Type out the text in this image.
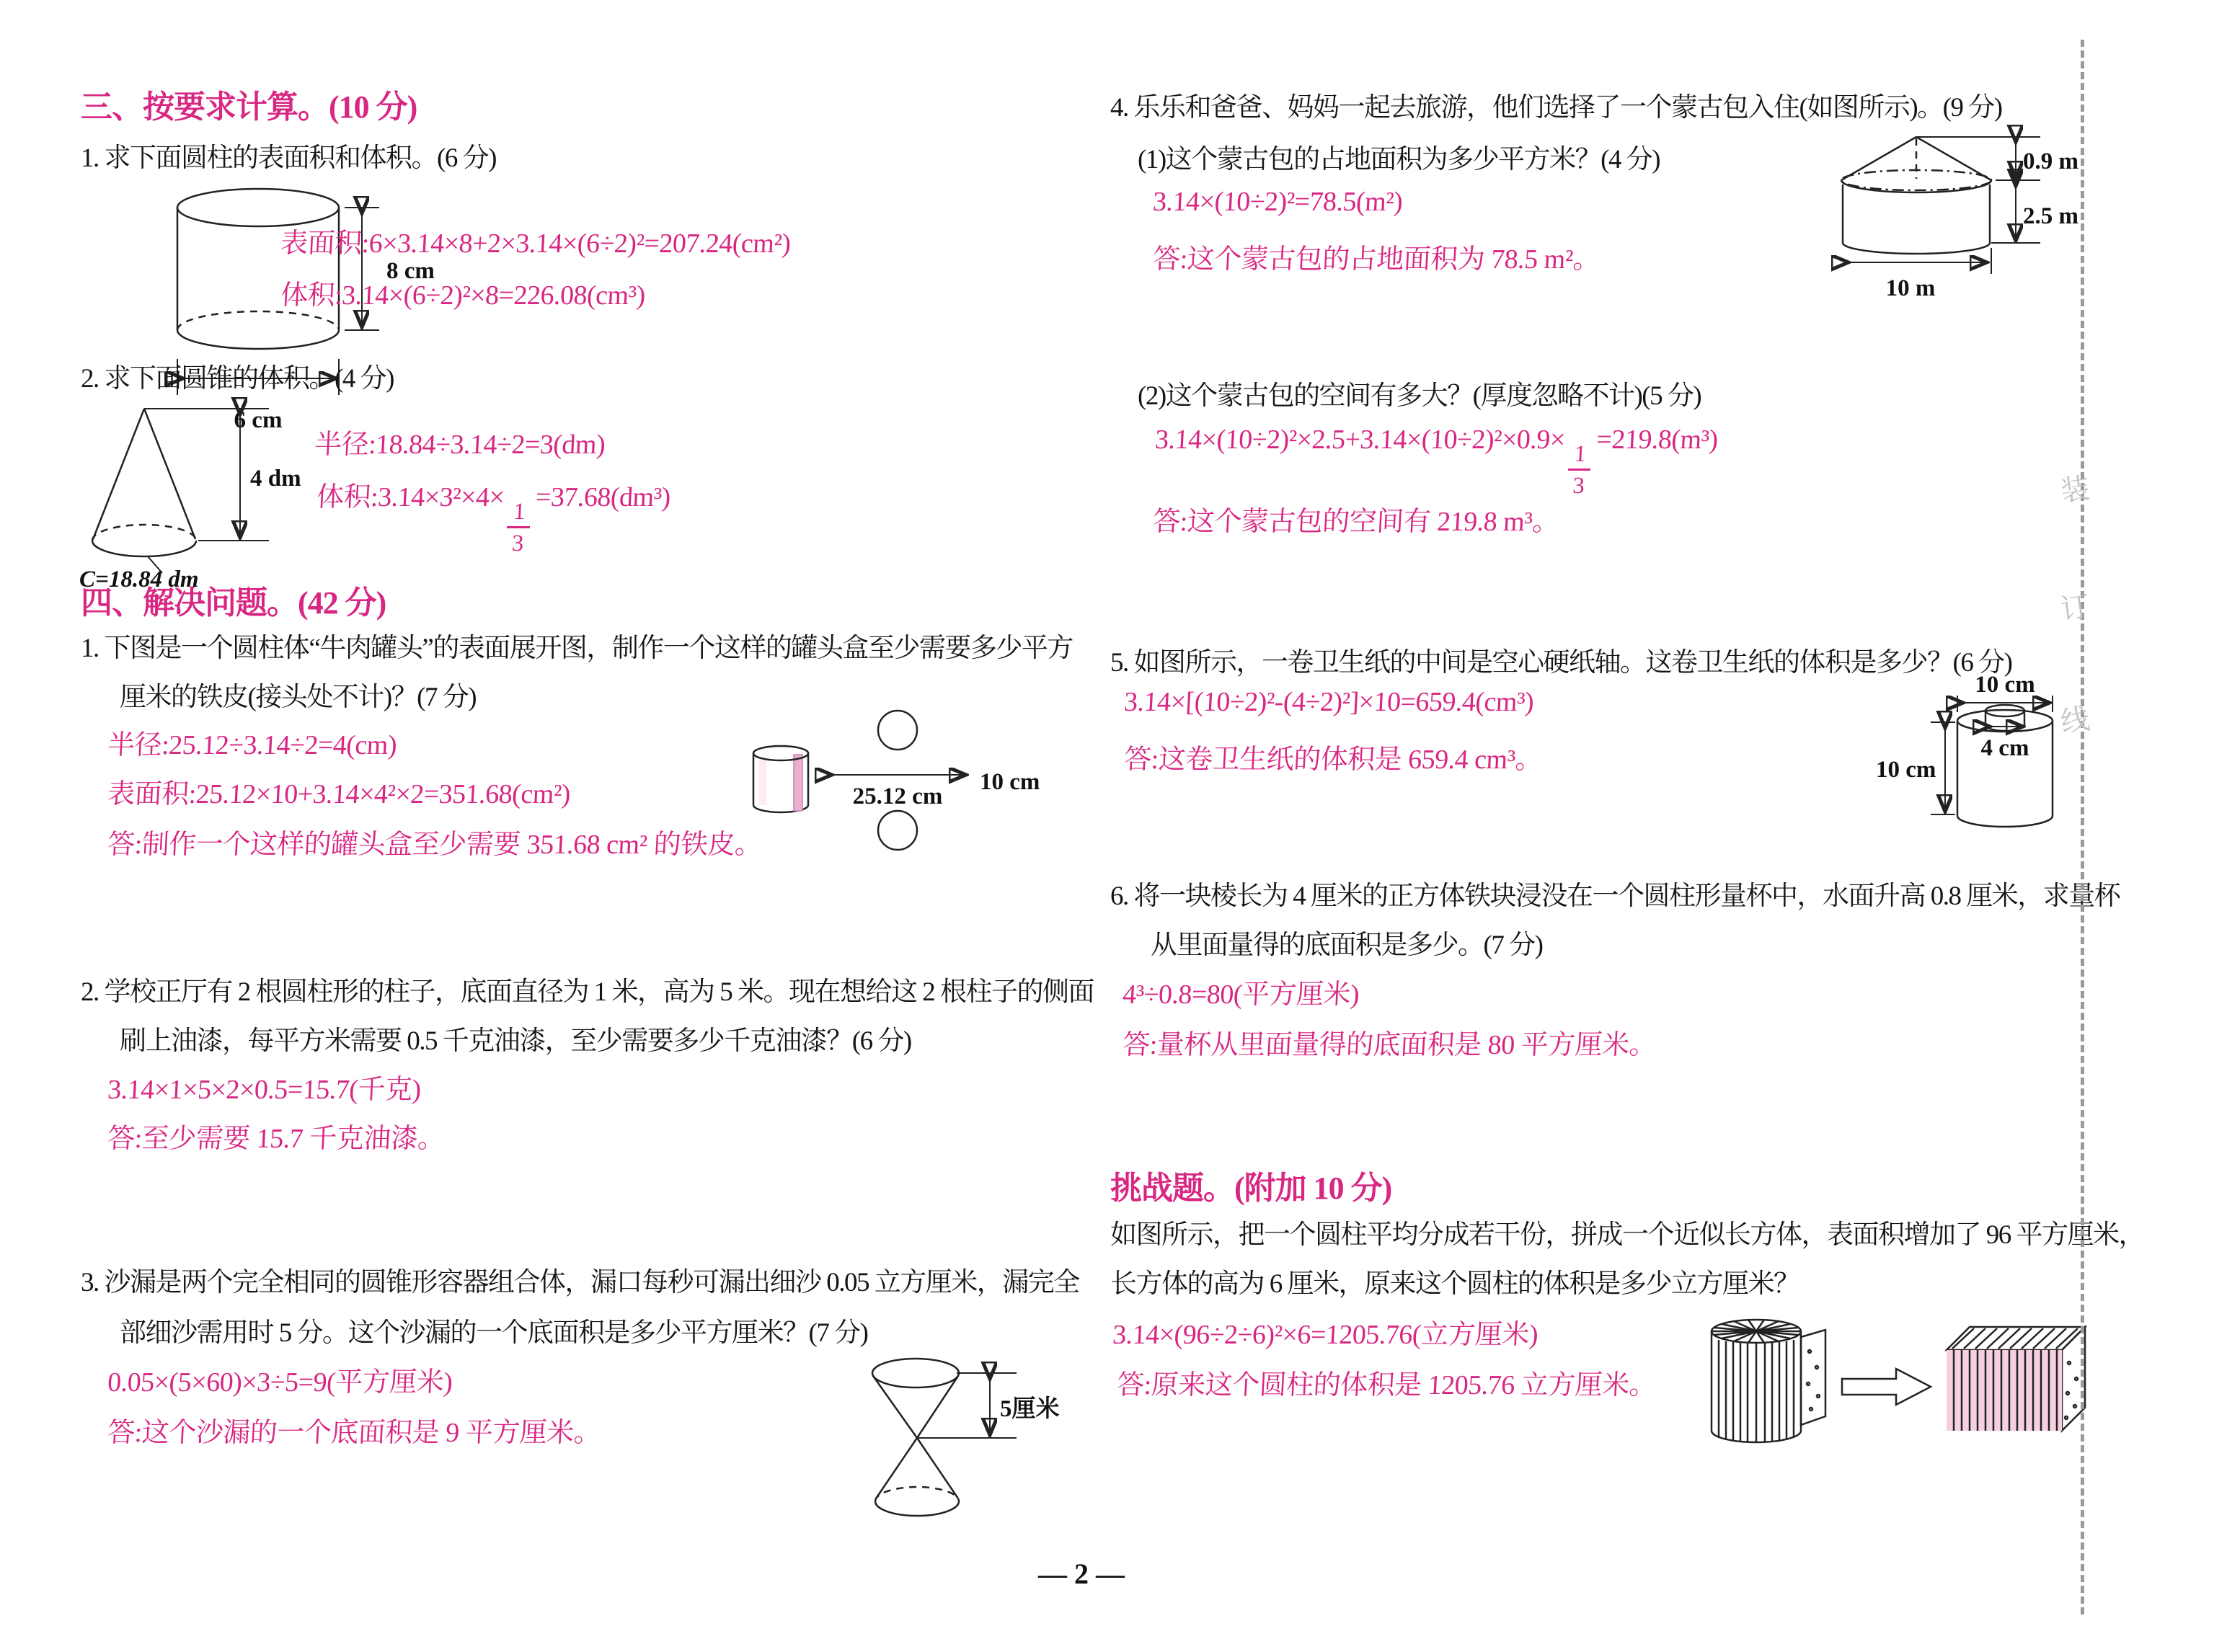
三、按要求计算。(10 分)
1. 求下面圆柱的表面积和体积。(6 分)
8 cm
6 cm
表面积:6×3.14×8+2×3.14×(6÷2)²=207.24(cm²)
体积:3.14×(6÷2)²×8=226.08(cm³)
2. 求下面圆锥的体积。(4 分)
4 dm
C=18.84 dm
半径:18.84÷3.14÷2=3(dm)
体积:3.14×3²×4×
$\frac{1}{3}$
=37.68(dm³)
四、解决问题。(42 分)
1. 下图是一个圆柱体“牛肉罐头”的表面展开图，制作一个这样的罐头盒至少需要多少平方
厘米的铁皮(接头处不计)？(7 分)
半径:25.12÷3.14÷2=4(cm)
表面积:25.12×10+3.14×4²×2=351.68(cm²)
答:制作一个这样的罐头盒至少需要 351.68 cm² 的铁皮。
25.12 cm
10 cm
2. 学校正厅有 2 根圆柱形的柱子，底面直径为 1 米，高为 5 米。现在想给这 2 根柱子的侧面
刷上油漆，每平方米需要 0.5 千克油漆，至少需要多少千克油漆？(6 分)
3.14×1×5×2×0.5=15.7(千克)
答:至少需要 15.7 千克油漆。
3. 沙漏是两个完全相同的圆锥形容器组合体，漏口每秒可漏出细沙 0.05 立方厘米，漏完全
部细沙需用时 5 分。这个沙漏的一个底面积是多少平方厘米？(7 分)
0.05×(5×60)×3÷5=9(平方厘米)
答:这个沙漏的一个底面积是 9 平方厘米。
5厘米
4. 乐乐和爸爸、妈妈一起去旅游，他们选择了一个蒙古包入住(如图所示)。(9 分)
0.9 m
2.5 m
10 m
(1)这个蒙古包的占地面积为多少平方米？(4 分)
3.14×(10÷2)²=78.5(m²)
答:这个蒙古包的占地面积为 78.5 m²。
(2)这个蒙古包的空间有多大？(厚度忽略不计)(5 分)
3.14×(10÷2)²×2.5+3.14×(10÷2)²×0.9×
$\frac{1}{3}$
=219.8(m³)
答:这个蒙古包的空间有 219.8 m³。
5. 如图所示，一卷卫生纸的中间是空心硬纸轴。这卷卫生纸的体积是多少？(6 分)
3.14×[(10÷2)²-(4÷2)²]×10=659.4(cm³)
答:这卷卫生纸的体积是 659.4 cm³。
10 cm
4 cm
10 cm
6. 将一块棱长为 4 厘米的正方体铁块浸没在一个圆柱形量杯中，水面升高 0.8 厘米，求量杯
从里面量得的底面积是多少。(7 分)
4³÷0.8=80(平方厘米)
答:量杯从里面量得的底面积是 80 平方厘米。
挑战题。(附加 10 分)
如图所示，把一个圆柱平均分成若干份，拼成一个近似长方体，表面积增加了 96 平方厘米，
长方体的高为 6 厘米，原来这个圆柱的体积是多少立方厘米？
3.14×(96÷2÷6)²×6=1205.76(立方厘米)
答:原来这个圆柱的体积是 1205.76 立方厘米。
装
订
线
— 2 —
